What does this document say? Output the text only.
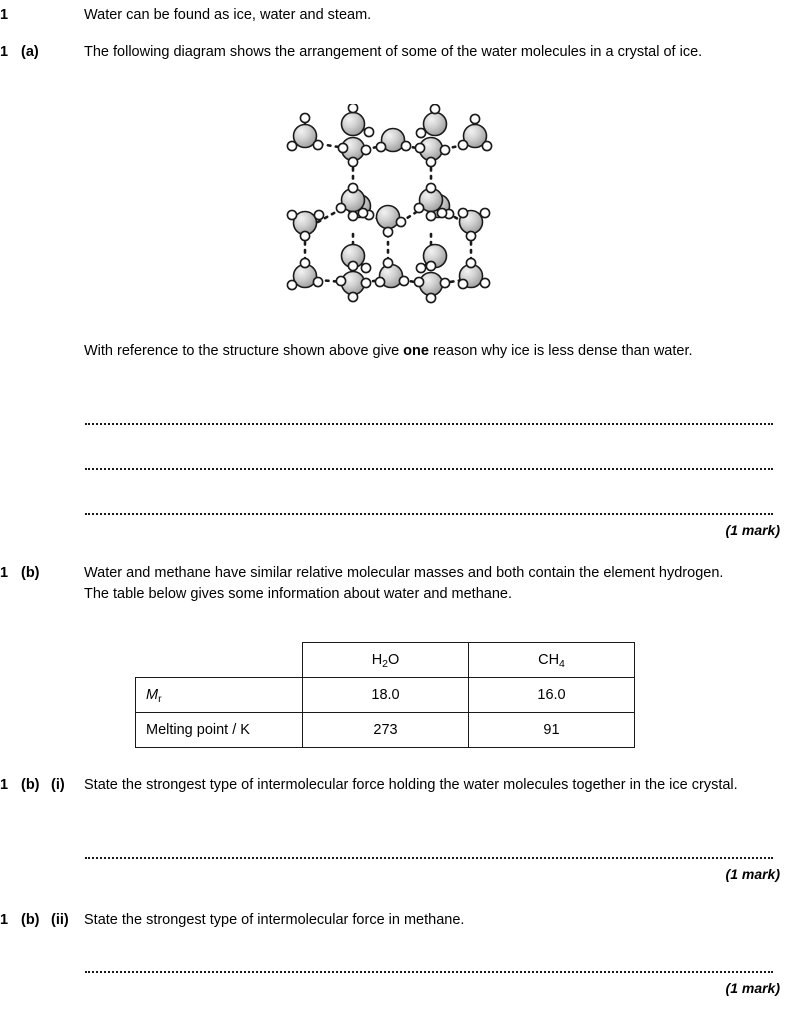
1	Water can be found as ice, water and steam.
1 (a)	The following diagram shows the arrangement of some of the water molecules in a crystal of ice.
With reference to the structure shown above give one reason why ice is less dense than water.
(1 mark)
1 (b)	Water and methane have similar relative molecular masses and both contain the element hydrogen.
The table below gives some information about water and methane.
	$H_2O$	$CH_4$
$M_r$	18.0	16.0
Melting point / K	273	91
1 (b) (i) State the strongest type of intermolecular force holding the water molecules together in the ice crystal.
(1 mark)
1 (b) (ii) State the strongest type of intermolecular force in methane.
(1 mark)
